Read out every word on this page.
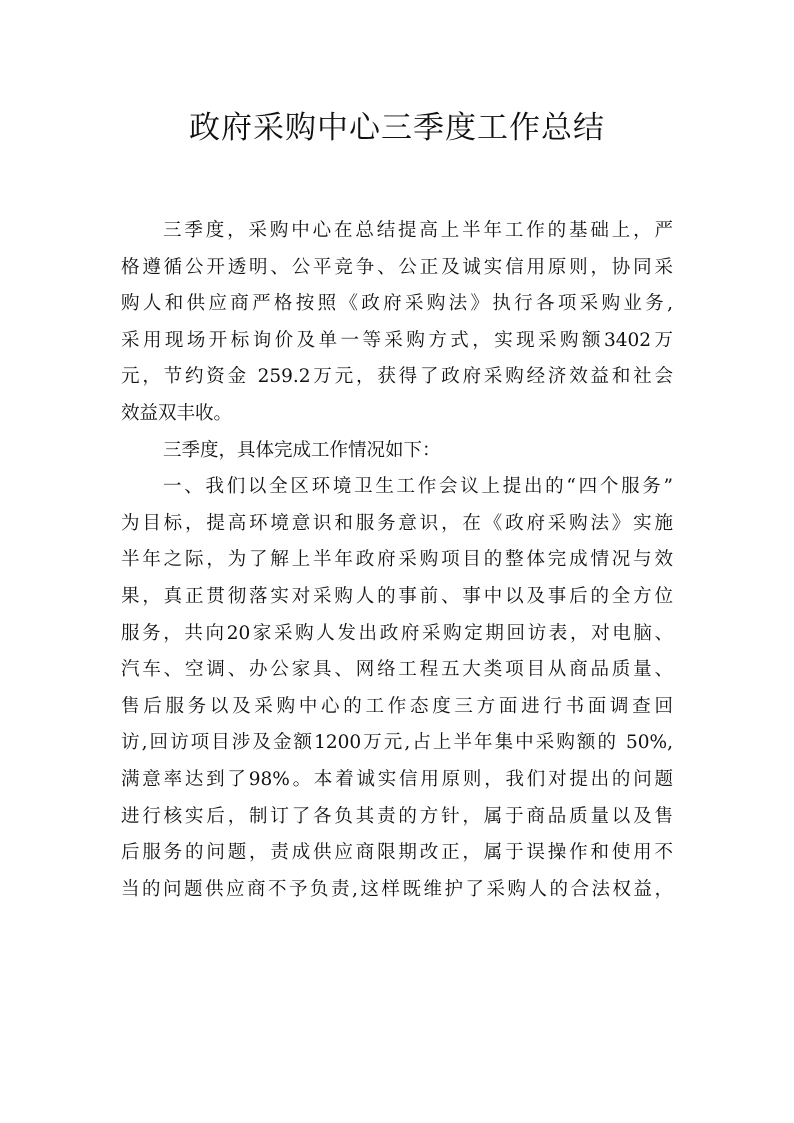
政府采购中心三季度工作总结
三季度，采购中心在总结提高上半年工作的基础上，严
格遵循公开透明、公平竞争、公正及诚实信用原则，协同采
购人和供应商严格按照《政府采购法》执行各项采购业务,
采用现场开标询价及单一等采购方式，实现采购额3402万
元，节约资金 259.2万元，获得了政府采购经济效益和社会
效益双丰收。
三季度，具体完成工作情况如下：
一、我们以全区环境卫生工作会议上提出的“四个服务”
为目标，提高环境意识和服务意识，在《政府采购法》实施
半年之际，为了解上半年政府采购项目的整体完成情况与效
果，真正贯彻落实对采购人的事前、事中以及事后的全方位
服务，共向20家采购人发出政府采购定期回访表，对电脑、
汽车、空调、办公家具、网络工程五大类项目从商品质量、
售后服务以及采购中心的工作态度三方面进行书面调查回
访,回访项目涉及金额1200万元,占上半年集中采购额的 50%,
满意率达到了98%。本着诚实信用原则，我们对提出的问题
进行核实后，制订了各负其责的方针，属于商品质量以及售
后服务的问题，责成供应商限期改正，属于误操作和使用不
当的问题供应商不予负责,这样既维护了采购人的合法权益，
